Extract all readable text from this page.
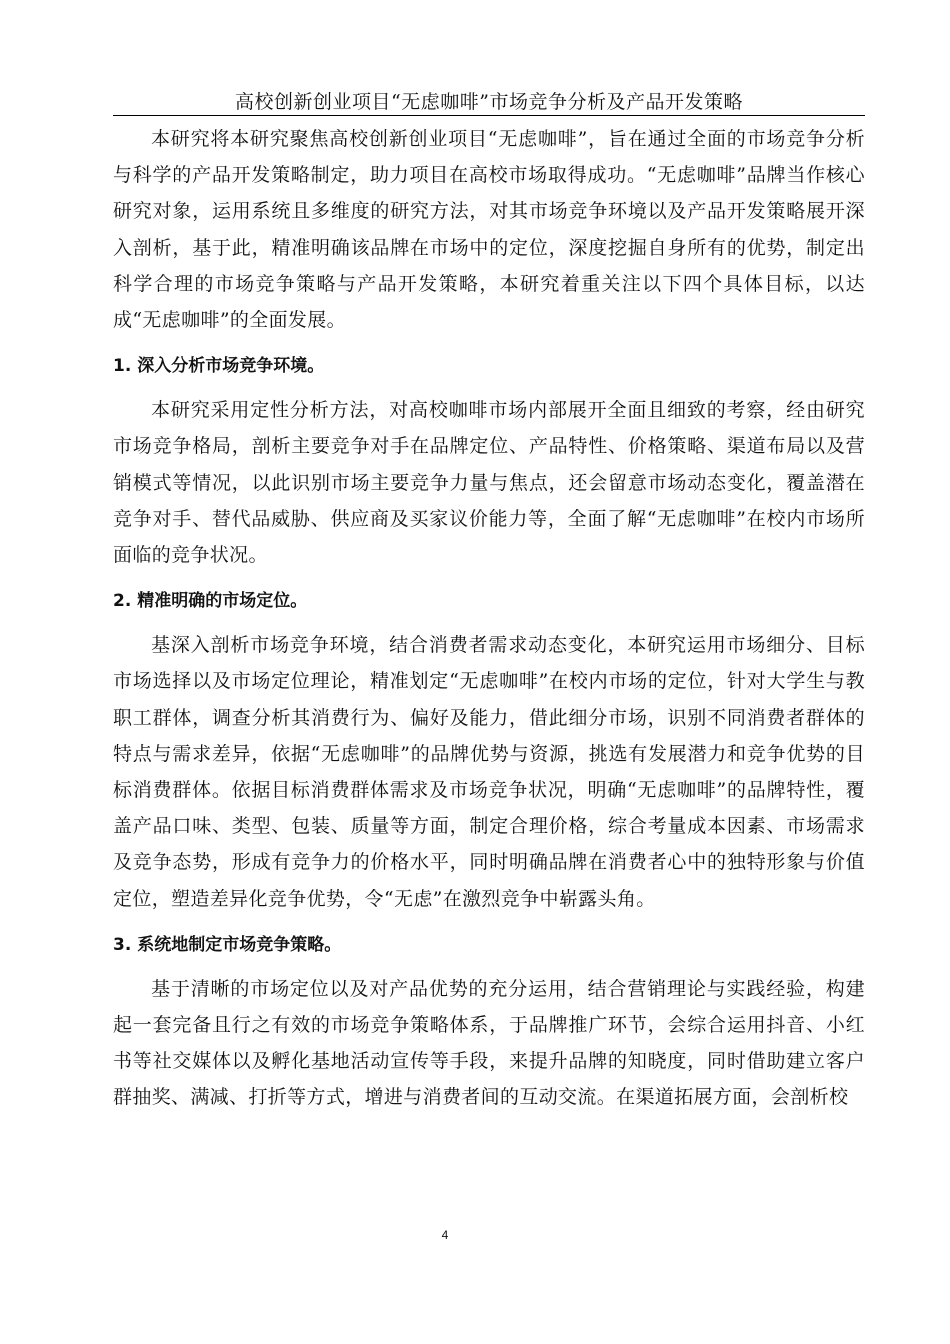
高校创新创业项目“无虑咖啡”市场竞争分析及产品开发策略

本研究将本研究聚焦高校创新创业项目“无虑咖啡”，旨在通过全面的市场竞争分析与科学的产品开发策略制定，助力项目在高校市场取得成功。“无虑咖啡”品牌当作核心研究对象，运用系统且多维度的研究方法，对其市场竞争环境以及产品开发策略展开深入剖析，基于此，精准明确该品牌在市场中的定位，深度挖掘自身所有的优势，制定出科学合理的市场竞争策略与产品开发策略，本研究着重关注以下四个具体目标，以达成“无虑咖啡”的全面发展。

1. 深入分析市场竞争环境。

本研究采用定性分析方法，对高校咖啡市场内部展开全面且细致的考察，经由研究市场竞争格局，剖析主要竞争对手在品牌定位、产品特性、价格策略、渠道布局以及营销模式等情况，以此识别市场主要竞争力量与焦点，还会留意市场动态变化，覆盖潜在竞争对手、替代品威胁、供应商及买家议价能力等，全面了解“无虑咖啡”在校内市场所面临的竞争状况。

2. 精准明确的市场定位。

基深入剖析市场竞争环境，结合消费者需求动态变化，本研究运用市场细分、目标市场选择以及市场定位理论，精准划定“无虑咖啡”在校内市场的定位，针对大学生与教职工群体，调查分析其消费行为、偏好及能力，借此细分市场，识别不同消费者群体的特点与需求差异，依据“无虑咖啡”的品牌优势与资源，挑选有发展潜力和竞争优势的目标消费群体。依据目标消费群体需求及市场竞争状况，明确“无虑咖啡”的品牌特性，覆盖产品口味、类型、包装、质量等方面，制定合理价格，综合考量成本因素、市场需求及竞争态势，形成有竞争力的价格水平，同时明确品牌在消费者心中的独特形象与价值定位，塑造差异化竞争优势，令“无虑”在激烈竞争中崭露头角。

3. 系统地制定市场竞争策略。

基于清晰的市场定位以及对产品优势的充分运用，结合营销理论与实践经验，构建起一套完备且行之有效的市场竞争策略体系，于品牌推广环节，会综合运用抖音、小红书等社交媒体以及孵化基地活动宣传等手段，来提升品牌的知晓度，同时借助建立客户群抽奖、满减、打折等方式，增进与消费者间的互动交流。在渠道拓展方面，会剖析校

4
